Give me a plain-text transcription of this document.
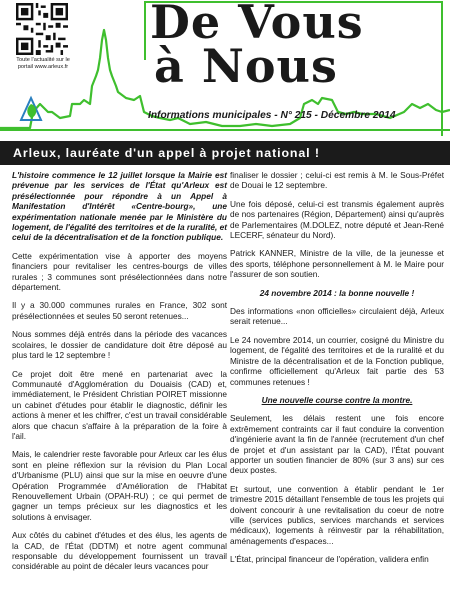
Toute l'actualité sur le portail www.arleux.fr
De Vous
à Nous
Informations municipales - N° 215 - Décembre 2014
Arleux, lauréate d'un appel à projet national !

L'histoire commence le 12 juillet lorsque la Mairie est prévenue par les services de l'État qu'Arleux est présélectionnée pour répondre à un Appel à Manifestation d'Intérêt «Centre-bourg», une expérimentation nationale menée par le Ministère du logement, de l'égalité des territoires et de la ruralité, et celui de la décentralisation et de la fonction publique.

Cette expérimentation vise à apporter des moyens financiers pour revitaliser les centres-bourgs de villes rurales ; 3 communes sont présélectionnées dans notre département.

Il y a 30.000 communes rurales en France, 302 sont présélectionnées et seules 50 seront retenues...

Nous sommes déjà entrés dans la période des vacances scolaires, le dossier de candidature doit être déposé au plus tard le 12 septembre !

Ce projet doit être mené en partenariat avec la Communauté d'Agglomération du Douaisis (CAD) et, immédiatement, le Président Christian POIRET missionne un cabinet d'études pour établir le diagnostic, définir les actions à mener et les chiffrer, c'est un travail considérable alors que chacun s'affaire à la préparation de la foire à l'ail.

Mais, le calendrier reste favorable pour Arleux car les élus sont en pleine réflexion sur la révision du Plan Local d'Urbanisme (PLU) ainsi que sur la mise en oeuvre d'une Opération Programmée d'Amélioration de l'Habitat Renouvellement Urbain (OPAH-RU) ; ce qui permet de gagner un temps précieux sur les diagnostics et les solutions à envisager.

Aux côtés du cabinet d'études et des élus, les agents de la CAD, de l'État (DDTM) et notre agent communal responsable du développement fournissent un travail considérable au point de décaler leurs vacances pour

finaliser le dossier ; celui-ci est remis à M. le Sous-Préfet de Douai le 12 septembre.

Une fois déposé, celui-ci est transmis également auprès de nos partenaires (Région, Département) ainsi qu'auprès de Parlementaires (M.DOLEZ, notre député et Jean-René LECERF, sénateur du Nord).

Patrick KANNER, Ministre de la ville, de la jeunesse et des sports, téléphone personnellement à M. le Maire pour l'assurer de son soutien.

24 novembre 2014 : la bonne nouvelle !

Des informations «non officielles» circulaient déjà, Arleux serait retenue...

Le 24 novembre 2014, un courrier, cosigné du Ministre du logement, de l'égalité des territoires et de la ruralité et du Ministre de la décentralisation et de la Fonction publique, confirme officiellement qu'Arleux fait partie des 53 communes retenues !

Une nouvelle course contre la montre.

Seulement, les délais restent une fois encore extrêmement contraints car il faut conduire la convention d'ingénierie avant la fin de l'année (recrutement d'un chef de projet et d'un assistant par la CAD), l'État pouvant apporter un soutien financier de 80% (sur 3 ans) sur ces deux postes.

Et surtout, une convention à établir pendant le 1er trimestre 2015 détaillant l'ensemble de tous les projets qui doivent concourir à une revitalisation du coeur de notre ville (services publics, services marchands et services médicaux), logements à réinvestir par la réhabilitation, aménagements d'espaces...

L'État, principal financeur de l'opération, validera enfin
